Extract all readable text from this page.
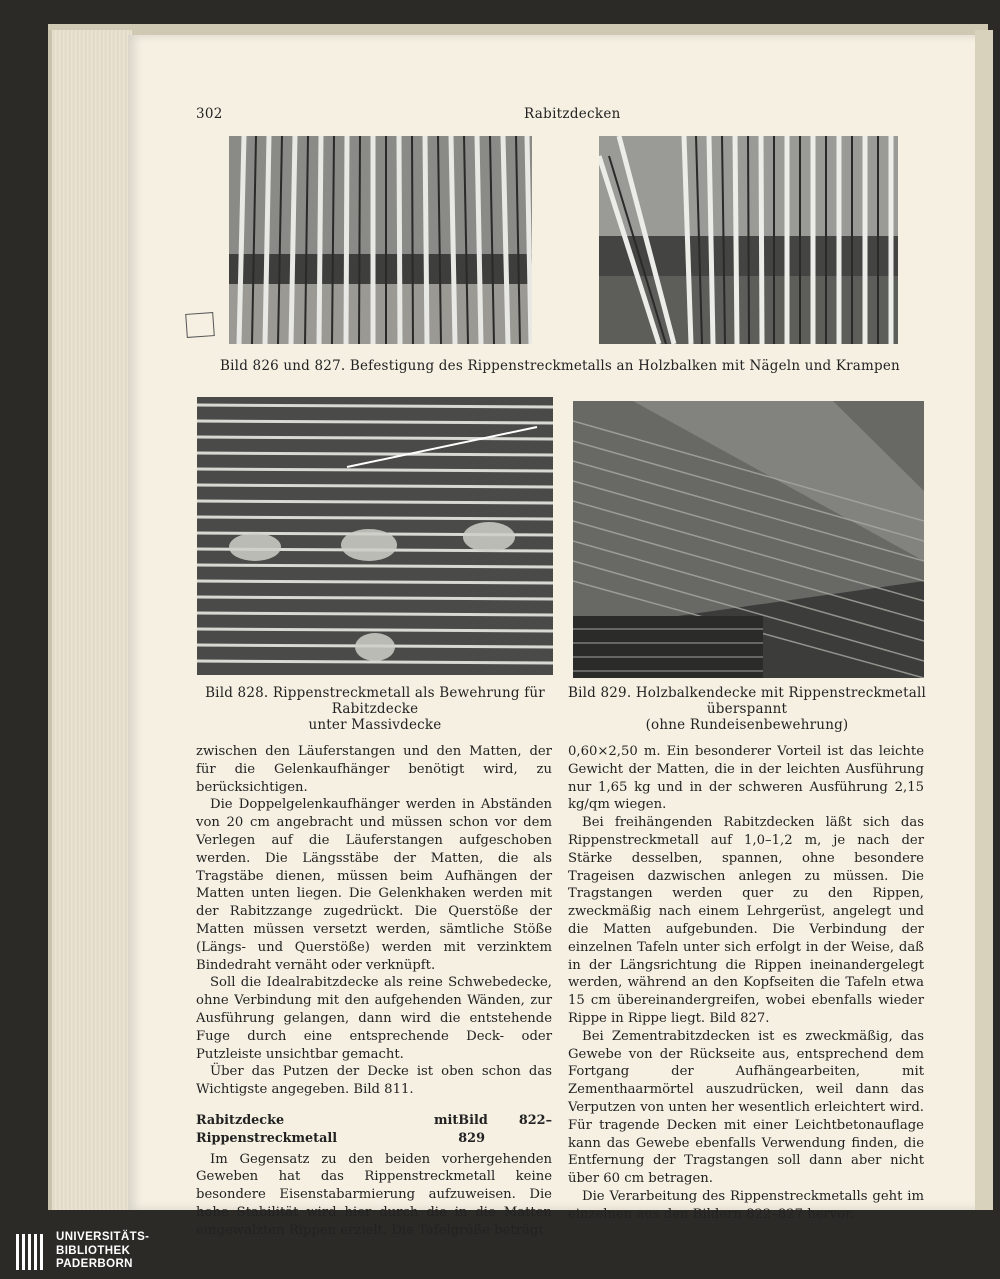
302	Rabitzdecken
Bild 826 und 827. Befestigung des Rippenstreckmetalls an Holzbalken mit Nägeln und Krampen
Bild 828. Rippenstreckmetall als Bewehrung für Rabitzdecke
unter Massivdecke
Bild 829. Holzbalkendecke mit Rippenstreckmetall überspannt
(ohne Rundeisenbewehrung)

zwischen den Läuferstangen und den Matten, der für die Gelenkaufhänger benötigt wird, zu berücksichtigen.

Die Doppelgelenkaufhänger werden in Abständen von 20 cm angebracht und müssen schon vor dem Verlegen auf die Läuferstangen aufgeschoben werden. Die Längsstäbe der Matten, die als Tragstäbe dienen, müssen beim Aufhängen der Matten unten liegen. Die Gelenkhaken werden mit der Rabitzzange zugedrückt. Die Querstöße der Matten müssen versetzt werden, sämtliche Stöße (Längs- und Querstöße) werden mit verzinktem Bindedraht vernäht oder verknüpft.

Soll die Idealrabitzdecke als reine Schwebedecke, ohne Verbindung mit den aufgehenden Wänden, zur Ausführung gelangen, dann wird die entstehende Fuge durch eine entsprechende Deck- oder Putzleiste unsichtbar gemacht.

Über das Putzen der Decke ist oben schon das Wichtigste angegeben. Bild 811.

Rabitzdecke mit Rippenstreckmetall
Bild 822–829

Im Gegensatz zu den beiden vorhergehenden Geweben hat das Rippenstreckmetall keine besondere Eisenstabarmierung aufzuweisen. Die hohe Stabilität wird hier durch die in die Matten eingewalzten Rippen erzielt. Die Tafelgröße beträgt

0,60×2,50 m. Ein besonderer Vorteil ist das leichte Gewicht der Matten, die in der leichten Ausführung nur 1,65 kg und in der schweren Ausführung 2,15 kg/qm wiegen.

Bei freihängenden Rabitzdecken läßt sich das Rippenstreckmetall auf 1,0–1,2 m, je nach der Stärke desselben, spannen, ohne besondere Trageisen dazwischen anlegen zu müssen. Die Tragstangen werden quer zu den Rippen, zweckmäßig nach einem Lehrgerüst, angelegt und die Matten aufgebunden. Die Verbindung der einzelnen Tafeln unter sich erfolgt in der Weise, daß in der Längsrichtung die Rippen ineinandergelegt werden, während an den Kopfseiten die Tafeln etwa 15 cm übereinandergreifen, wobei ebenfalls wieder Rippe in Rippe liegt. Bild 827.

Bei Zementrabitzdecken ist es zweckmäßig, das Gewebe von der Rückseite aus, entsprechend dem Fortgang der Aufhängearbeiten, mit Zementhaarmörtel auszudrücken, weil dann das Verputzen von unten her wesentlich erleichtert wird. Für tragende Decken mit einer Leichtbetonauflage kann das Gewebe ebenfalls Verwendung finden, die Entfernung der Tragstangen soll dann aber nicht über 60 cm betragen.

Die Verarbeitung des Rippenstreckmetalls geht im einzelnen aus den Bildern 822–827 hervor.

UNIVERSITÄTS-
BIBLIOTHEK
PADERBORN
